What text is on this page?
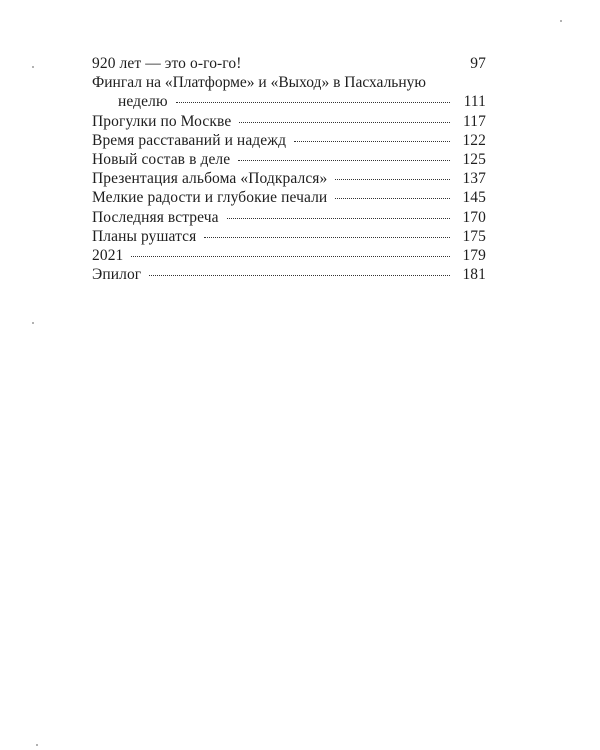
920 лет — это о-го-го!	97
Фингал на «Платформе» и «Выход» в Пасхальную
неделю	111
Прогулки по Москве	117
Время расставаний и надежд	122
Новый состав в деле	125
Презентация альбома «Подкрался»	137
Мелкие радости и глубокие печали	145
Последняя встреча	170
Планы рушатся	175
2021	179
Эпилог	181
